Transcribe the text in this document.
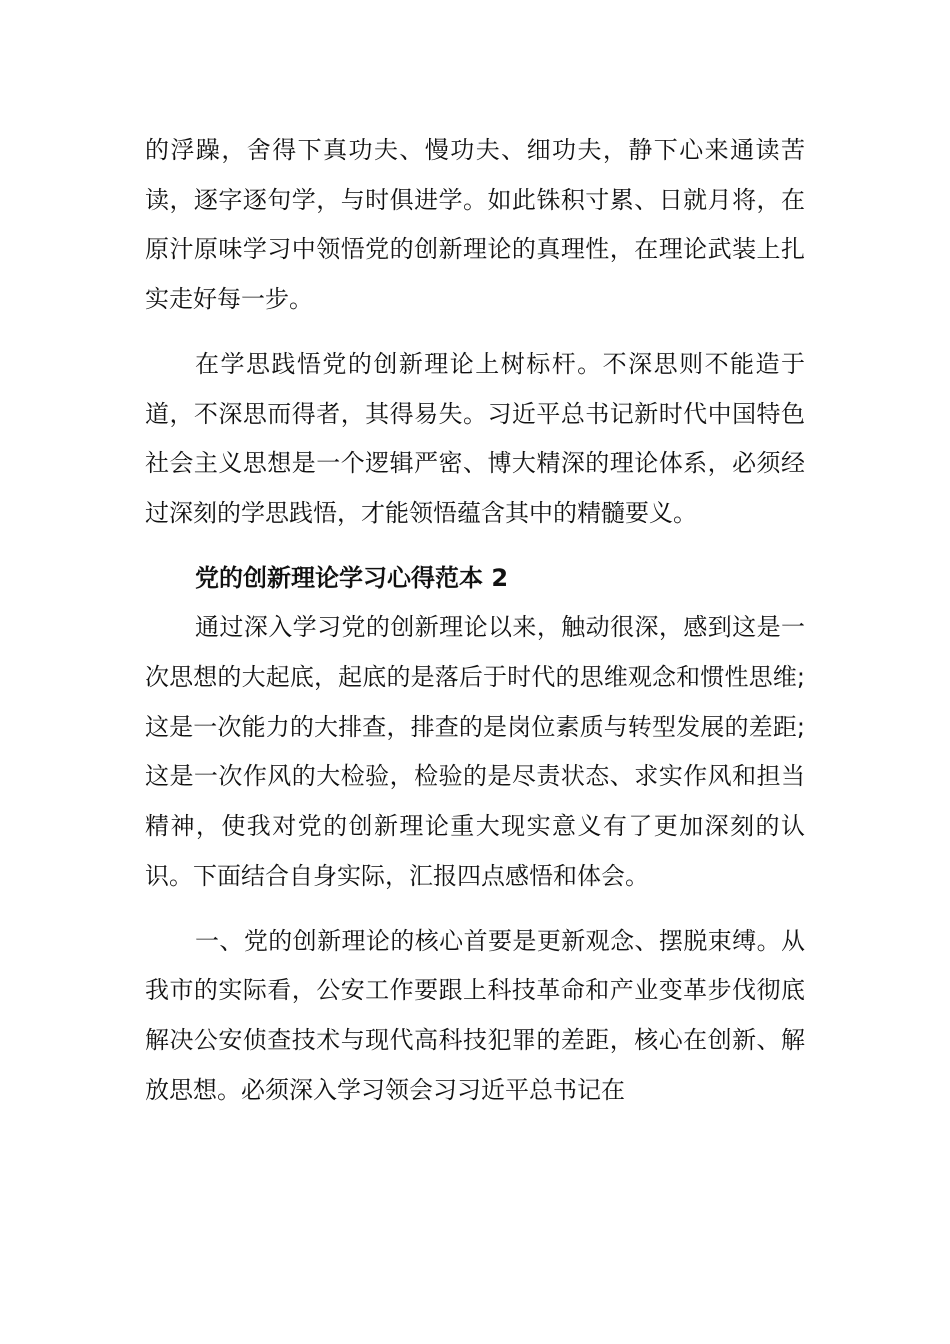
的浮躁，舍得下真功夫、慢功夫、细功夫，静下心来通读苦读，逐字逐句学，与时俱进学。如此铢积寸累、日就月将，在原汁原味学习中领悟党的创新理论的真理性，在理论武装上扎实走好每一步。

在学思践悟党的创新理论上树标杆。不深思则不能造于道，不深思而得者，其得易失。习近平总书记新时代中国特色社会主义思想是一个逻辑严密、博大精深的理论体系，必须经过深刻的学思践悟，才能领悟蕴含其中的精髓要义。

党的创新理论学习心得范本 2

通过深入学习党的创新理论以来，触动很深，感到这是一次思想的大起底，起底的是落后于时代的思维观念和惯性思维;这是一次能力的大排查，排查的是岗位素质与转型发展的差距;这是一次作风的大检验，检验的是尽责状态、求实作风和担当精神，使我对党的创新理论重大现实意义有了更加深刻的认识。下面结合自身实际，汇报四点感悟和体会。

一、党的创新理论的核心首要是更新观念、摆脱束缚。从我市的实际看，公安工作要跟上科技革命和产业变革步伐彻底解决公安侦查技术与现代高科技犯罪的差距，核心在创新、解放思想。必须深入学习领会习习近平总书记在
